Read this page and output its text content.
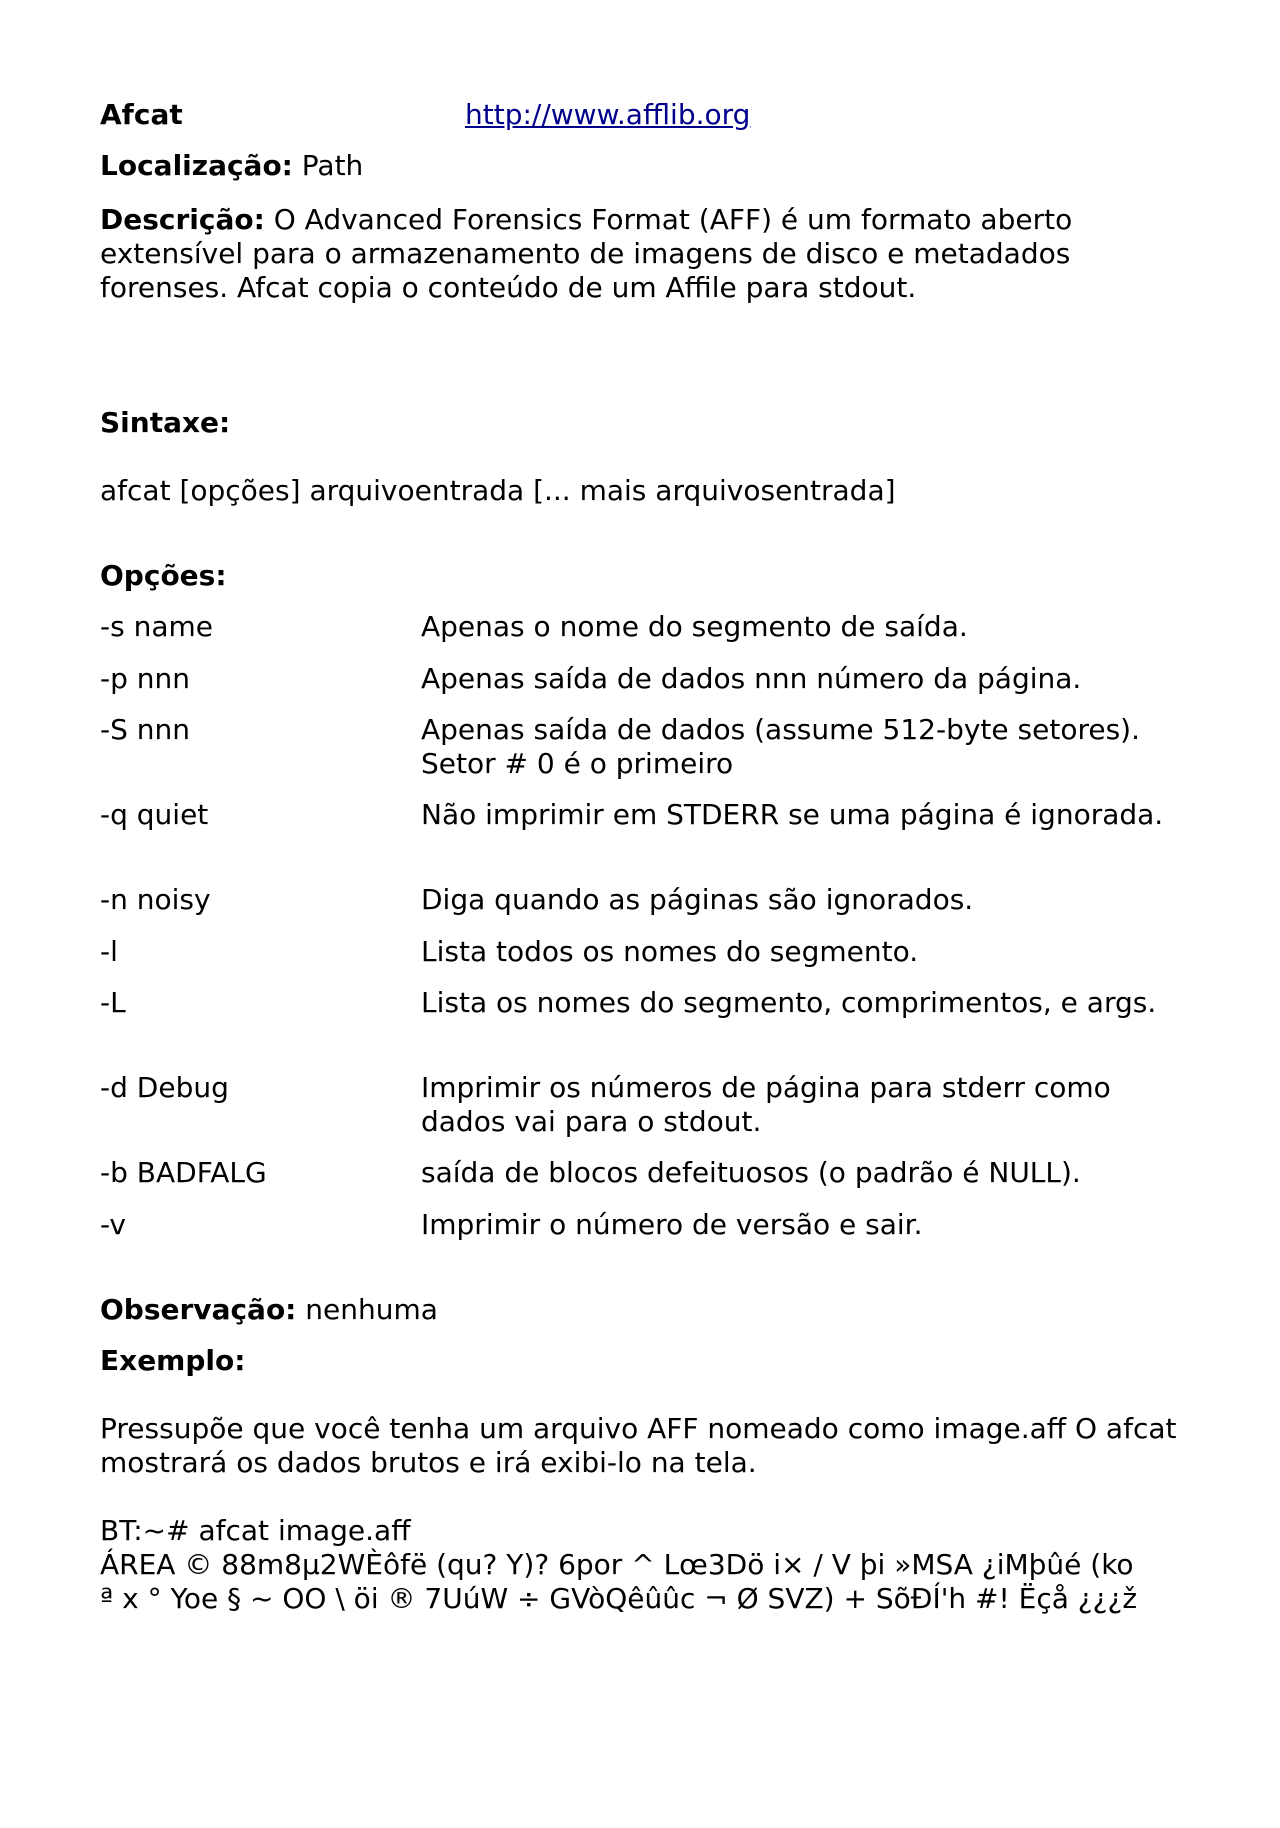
Afcat	http://www.afflib.org
Localização: Path
Descrição: O Advanced Forensics Format (AFF) é um formato aberto extensível para o armazenamento de imagens de disco e metadados forenses. Afcat copia o conteúdo de um Affile para stdout.
Sintaxe:
afcat [opções] arquivoentrada [... mais arquivosentrada]
Opções:
-s name	Apenas o nome do segmento de saída.
-p nnn	Apenas saída de dados nnn número da página.
-S nnn	Apenas saída de dados (assume 512-byte setores). Setor # 0 é o primeiro
-q quiet	Não imprimir em STDERR se uma página é ignorada.
-n noisy	Diga quando as páginas são ignorados.
-l	Lista todos os nomes do segmento.
-L	Lista os nomes do segmento, comprimentos, e args.
-d Debug	Imprimir os números de página para stderr como dados vai para o stdout.
-b BADFALG	saída de blocos defeituosos (o padrão é NULL).
-v	Imprimir o número de versão e sair.
Observação: nenhuma
Exemplo:
Pressupõe que você tenha um arquivo AFF nomeado como image.aff O afcat mostrará os dados brutos e irá exibi-lo na tela.
BT:~# afcat image.aff
ÁREA © 88m8µ2WÈôfë (qu? Y)? 6por ^ Lœ3Dö i× / V þi »MSA ¿iMþûé (ko
ª x ° Yoe § ~ OO \ öi ® 7UúW ÷ GVòQêûûc ¬ Ø SVZ) + SõÐÍ'h #! Ëçå ¿¿¿ž
